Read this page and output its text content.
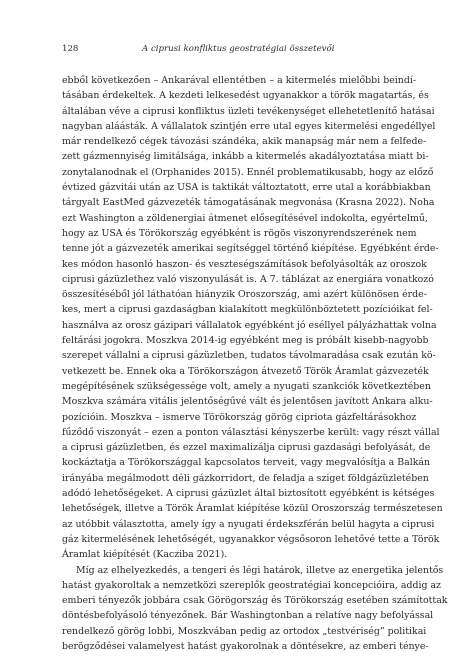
128	A ciprusi konfliktus geostratégiai összetevői
ebből következően – Ankarával ellentétben – a kitermelés mielőbbi beindí-
tásában érdekeltek. A kezdeti lelkesedést ugyanakkor a török magatartás, és
általában véve a ciprusi konfliktus üzleti tevékenységet ellehetetlenítő hatásai
nagyban aláásták. A vállalatok szintjén erre utal egyes kitermelési engedéllyel
már rendelkező cégek távozási szándéka, akik manapság már nem a felfede-
zett gázmennyiség limitálsága, inkább a kitermelés akadályoztatása miatt bi-
zonytalanodnak el (Orphanides 2015). Ennél problematikusabb, hogy az előző
évtized gázvitái után az USA is taktikát változtatott, erre utal a korábbiakban
tárgyalt EastMed gázvezeték támogatásának megvonása (Krasna 2022). Noha
ezt Washington a zöldenergiai átmenet elősegítésével indokolta, egyértelmű,
hogy az USA és Törökország egyébként is rögös viszonyrendszerének nem
tenne jót a gázvezeték amerikai segítséggel történő kiépítése. Egyébként érde-
kes módon hasonló haszon- és veszteségszámítások befolyásolták az oroszok
ciprusi gázüzlethez való viszonyulását is. A 7. táblázat az energiára vonatkozó
összesítéséből jól láthatóan hiányzik Oroszország, ami azért különösen érde-
kes, mert a ciprusi gazdaságban kialakított megkülönböztetett pozícióikat fel-
használva az orosz gázipari vállalatok egyébként jó eséllyel pályázhattak volna
feltárási jogokra. Moszkva 2014-ig egyébként meg is próbált kisebb-nagyobb
szerepet vállalni a ciprusi gázüzletben, tudatos távolmaradása csak ezután kö-
vetkezett be. Ennek oka a Törökországon átvezető Török Áramlat gázvezeték
megépítésének szükségessége volt, amely a nyugati szankciók következtében
Moszkva számára vitális jelentőségűvé vált és jelentősen javított Ankara alku-
pozícióin. Moszkva – ismerve Törökország görög cipriota gázfeltárásokhoz
fűződő viszonyát – ezen a ponton választási kényszerbe került: vagy részt vállal
a ciprusi gázüzletben, és ezzel maximalizálja ciprusi gazdasági befolyását, de
kockáztatja a Törökországgal kapcsolatos terveit, vagy megvalósítja a Balkán
irányába megálmodott déli gázkorridort, de feladja a sziget földgázüzletében
adódó lehetőségeket. A ciprusi gázüzlet által biztosított egyébként is kétséges
lehetőségek, illetve a Török Áramlat kiépítése közül Oroszország természetesen
az utóbbit választotta, amely így a nyugati érdekszférán belül hagyta a ciprusi
gáz kitermelésének lehetőségét, ugyanakkor végsősoron lehetővé tette a Török
Áramlat kiépítését (Kacziba 2021).
Míg az elhelyezkedés, a tengeri és légi határok, illetve az energetika jelentős
hatást gyakoroltak a nemzetközi szereplők geostratégiai koncepcióira, addig az
emberi tényezők jobbára csak Görögország és Törökország esetében számítottak
döntésbefolyásoló tényezőnek. Bár Washingtonban a relatíve nagy befolyással
rendelkező görög lobbi, Moszkvában pedig az ortodox „testvériség” politikai
berögződései valamelyest hatást gyakorolnak a döntésekre, az emberi ténye-
